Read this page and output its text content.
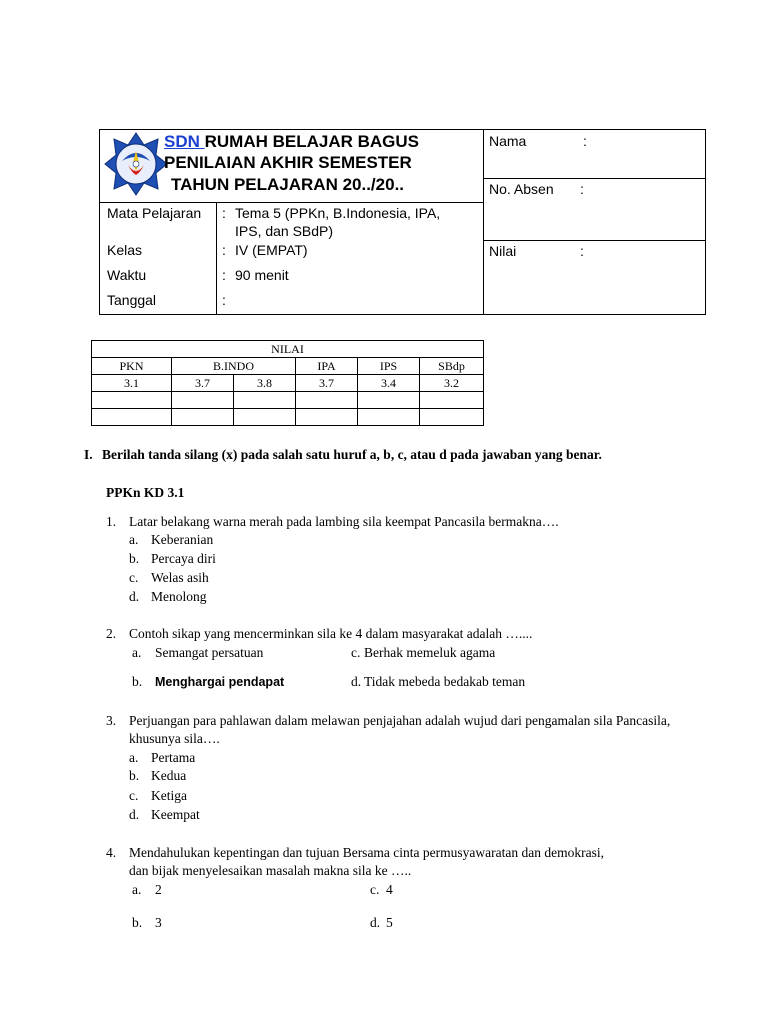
SDN RUMAH BELAJAR BAGUS
PENILAIAN AKHIR SEMESTER
TAHUN PELAJARAN 20../20..
Mata Pelajaran : Tema 5 (PPKn, B.Indonesia, IPA,
IPS, dan SBdP)
Kelas	: IV (EMPAT)
Waktu	: 90 menit
Tanggal	:
Nama	:
No. Absen :
Nilai	:
NILAI					
PKN	B.INDO		IPA	IPS	SBdp
3.1	3.7	3.8	3.7	3.4	3.2

I. Berilah tanda silang (x) pada salah satu huruf a, b, c, atau d pada jawaban yang benar.
PPKn KD 3.1
1. Latar belakang warna merah pada lambing sila keempat Pancasila bermakna….
a. Keberanian
b. Percaya diri
c. Welas asih
d. Menolong
2. Contoh sikap yang mencerminkan sila ke 4 dalam masyarakat adalah …....
a. Semangat persatuan	c. Berhak memeluk agama
b. Menghargai pendapat	d. Tidak mebeda bedakab teman
3. Perjuangan para pahlawan dalam melawan penjajahan adalah wujud dari pengamalan sila Pancasila,
khusunya sila….
a. Pertama
b. Kedua
c. Ketiga
d. Keempat
4. Mendahulukan kepentingan dan tujuan Bersama cinta permusyawaratan dan demokrasi,
dan bijak menyelesaikan masalah makna sila ke …..
a. 2	c. 4
b. 3	d. 5
